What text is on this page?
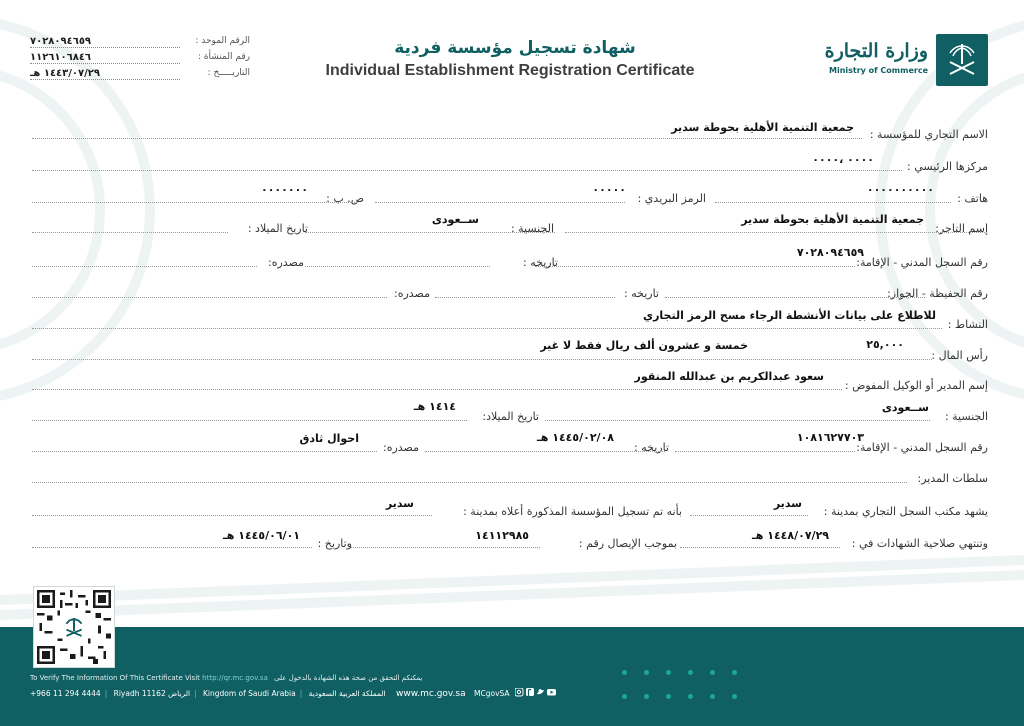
وزارة التجارة
Ministry of Commerce
شهادة تسجيل مؤسسة فردية
Individual Establishment Registration Certificate
٧٠٢٨٠٩٤٦٥٩	الرقم الموحد :
١١٢٦١٠٦٨٤٦	رقم المنشأة :
١٤٤٣/٠٧/٢٩ هـ	التاريـــــخ :
الاسم التجاري للمؤسسة :
جمعية التنمية الأهلية بحوطة سدير
مركزها الرئيسي :
٠٠٠٠ ،٠٠٠٠
هاتف :
٠٠٠٠٠٠٠٠٠٠
الرمز البريدي :
٠٠٠٠٠
ص. ب :
٠٠٠٠٠٠٠
إسم التاجر:
جمعية التنمية الأهلية بحوطة سدير
الجنسية :
ســعودى
تاريخ الميلاد :
رقم السجل المدني - الإقامة:
٧٠٢٨٠٩٤٦٥٩
تاريخه :
مصدره:
رقم الحفيظة - الجواز:
تاريخه :
مصدره:
النشاط :
للاطلاع على بيانات الأنشطة الرجاء مسح الرمز التجاري
رأس المال :
٢٥,٠٠٠
خمسة و عشرون ألف ريال فقط لا غير
إسم المدير أو الوكيل المفوض :
سعود عبدالكريم بن عبدالله المنقور
الجنسية :
ســعودى
تاريخ الميلاد:
١٤١٤ هـ
رقم السجل المدني - الإقامة:
١٠٨١٦٢٧٧٠٣
تاريخه :
١٤٤٥/٠٢/٠٨ هـ
مصدره:
احوال ثادق
سلطات المدير:
يشهد مكتب السجل التجاري بمدينة :
سدير
بأنه تم تسجيل المؤسسة المذكورة أعلاه بمدينة :
سدير
وتنتهي صلاحية الشهادات في :
١٤٤٨/٠٧/٢٩ هـ
بموجب الإيصال رقم :
١٤١١٢٩٨٥
وتاريخ :
١٤٤٥/٠٦/٠١ هـ
To Verify The Information Of This Certificate Visit http://qr.mc.gov.sa يمكنكم التحقق من صحة هذه الشهادة بالدخول على
+966 11 294 4444 | Riyadh 11162 الرياض | Kingdom of Saudi Arabia | المملكة العربية السعودية www.mc.gov.sa MCgovSA
